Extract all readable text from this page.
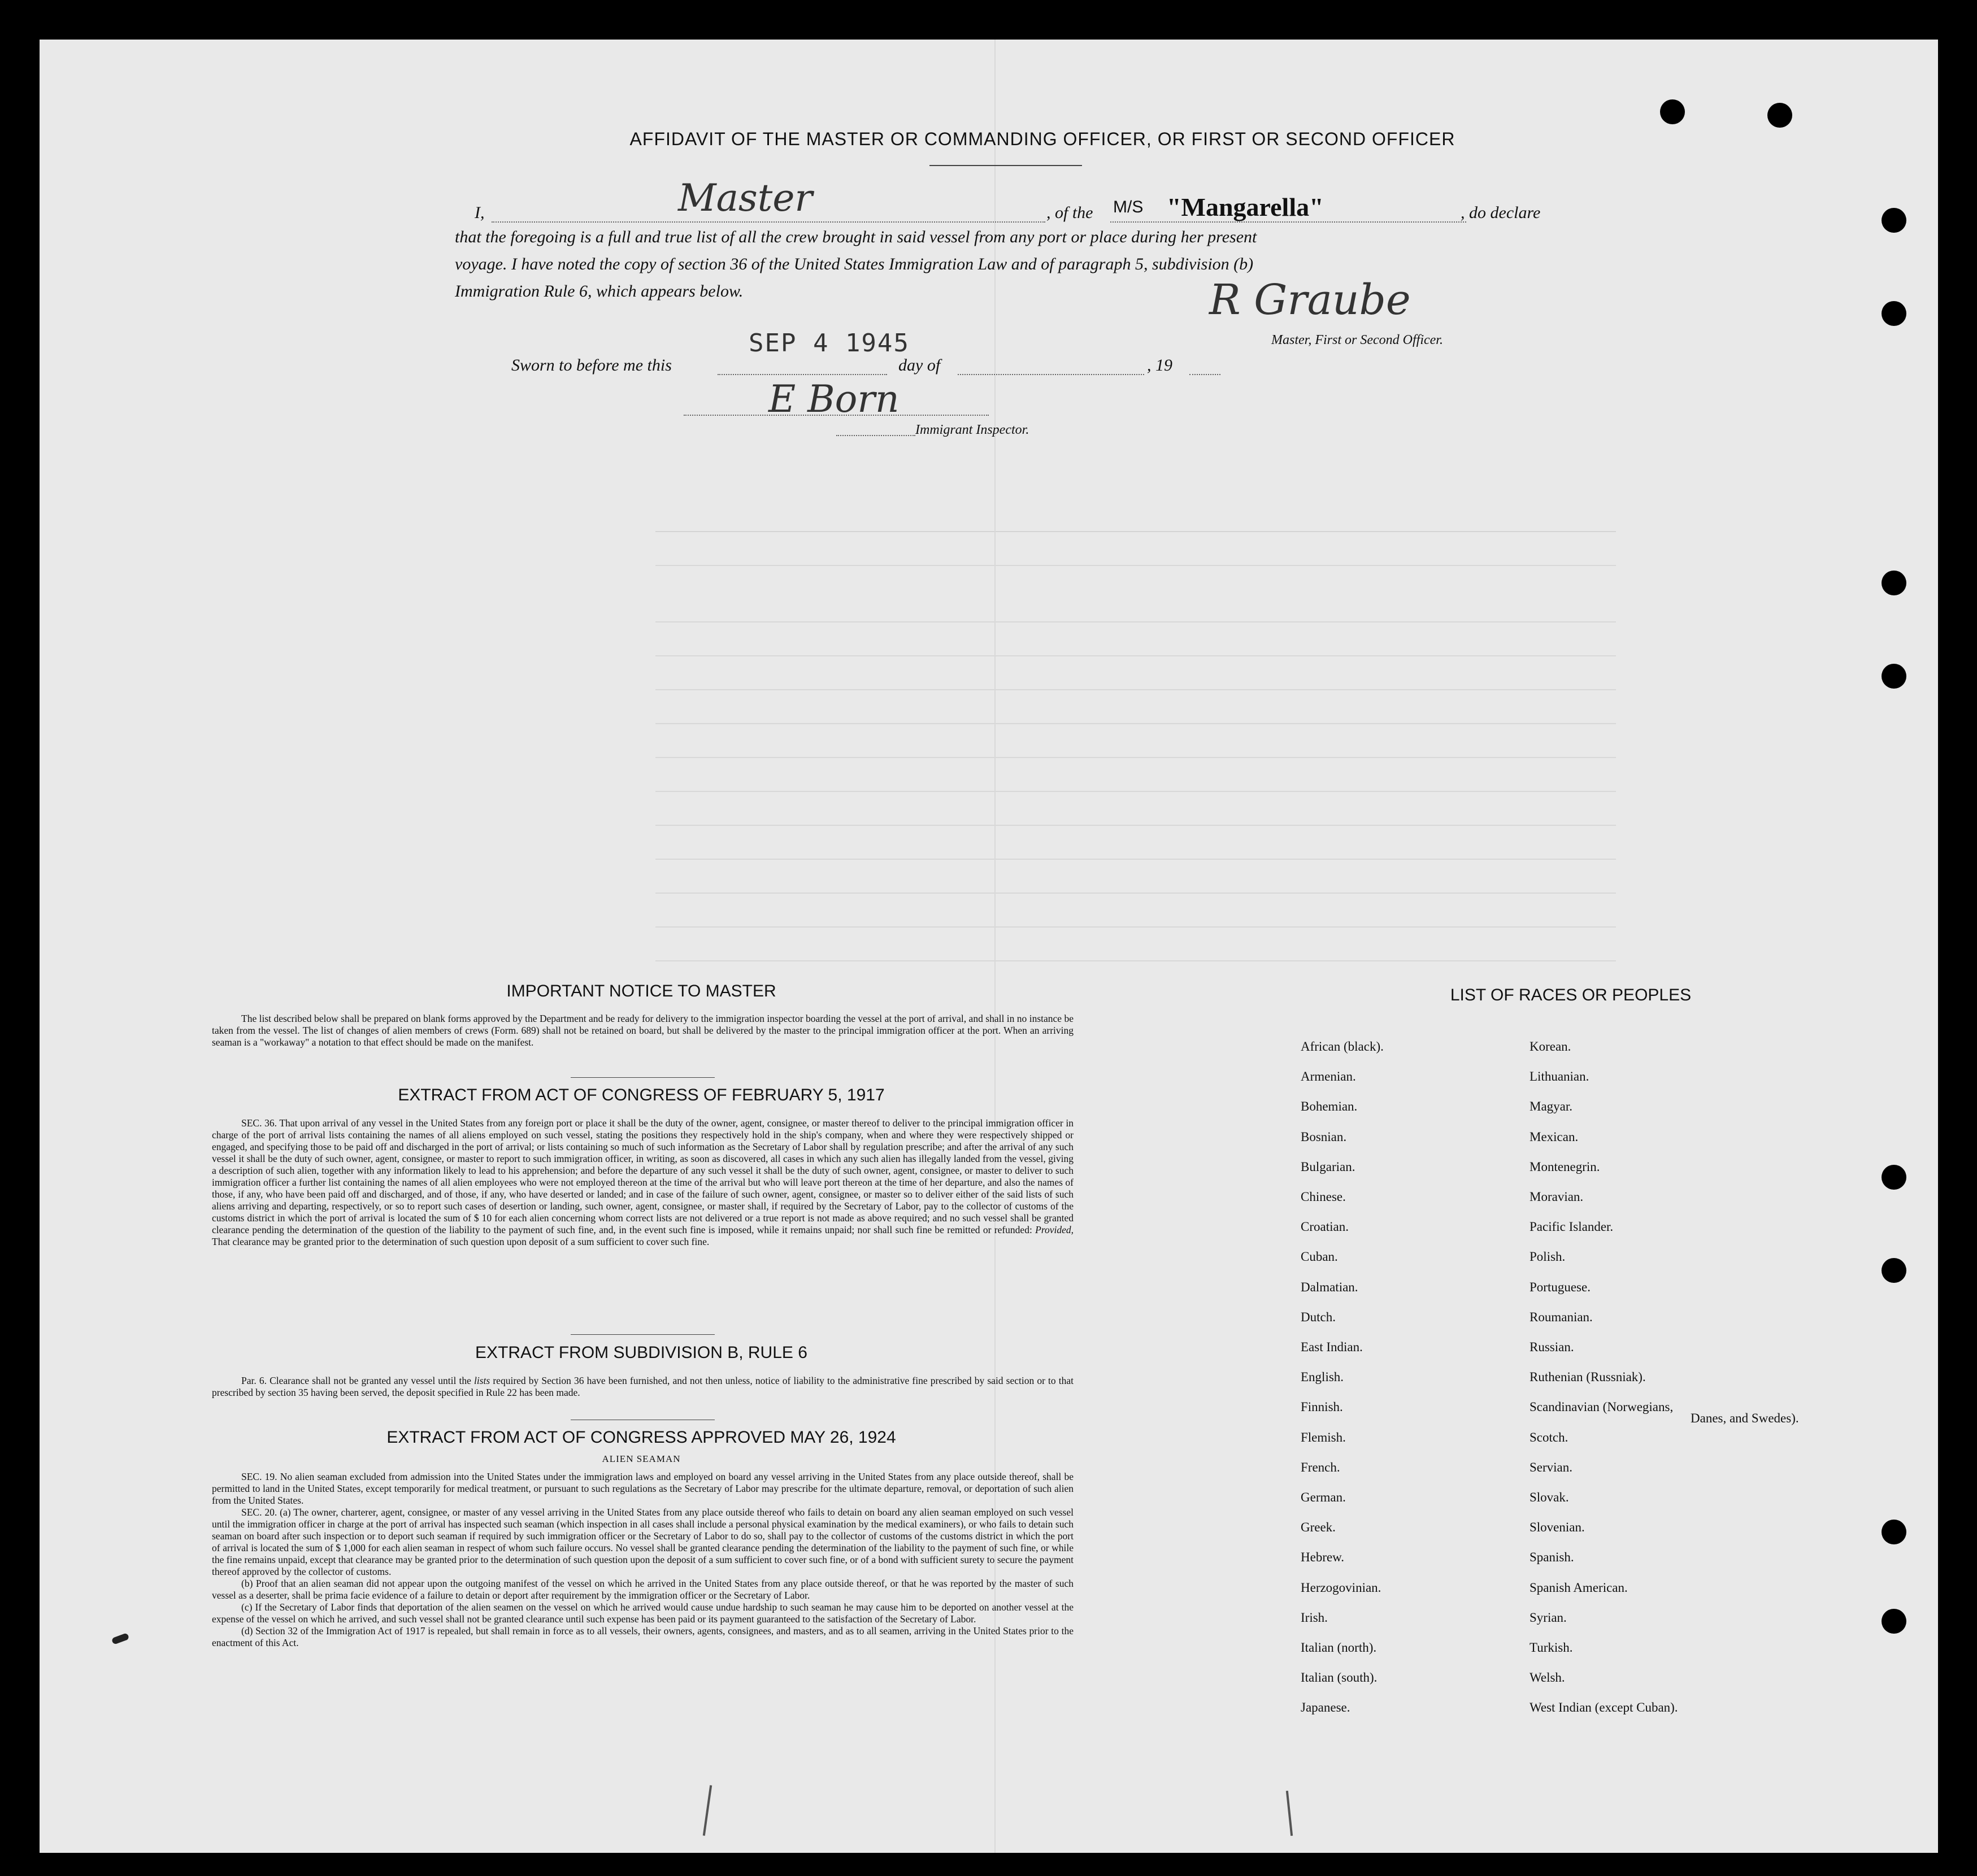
AFFIDAVIT OF THE MASTER OR COMMANDING OFFICER, OR FIRST OR SECOND OFFICER
I,	Master	, of the M/S "Mangarella"	, do declare
that the foregoing is a full and true list of all the crew brought in said vessel from any port or place during her present
voyage. I have noted the copy of section 36 of the United States Immigration Law and of paragraph 5, subdivision (b)
Immigration Rule 6, which appears below.	R Graube
Master, First or Second Officer.
Sworn to before me this
SEP 4 1945
day of	, 19
E Born
Immigrant Inspector.
IMPORTANT NOTICE TO MASTER
The list described below shall be prepared on blank forms approved by the Department and be ready for delivery to the immigration inspector boarding the vessel at the port of arrival, and shall in no instance be taken from the vessel. The list of changes of alien members of crews (Form. 689) shall not be retained on board, but shall be delivered by the master to the principal immigration officer at the port. When an arriving seaman is a "workaway" a notation to that effect should be made on the manifest.
EXTRACT FROM ACT OF CONGRESS OF FEBRUARY 5, 1917
SEC. 36. That upon arrival of any vessel in the United States from any foreign port or place it shall be the duty of the owner, agent, consignee, or master thereof to deliver to the principal immigration officer in charge of the port of arrival lists containing the names of all aliens employed on such vessel, stating the positions they respectively hold in the ship's company, when and where they were respectively shipped or engaged, and specifying those to be paid off and discharged in the port of arrival; or lists containing so much of such information as the Secretary of Labor shall by regulation prescribe; and after the arrival of any such vessel it shall be the duty of such owner, agent, consignee, or master to report to such immigration officer, in writing, as soon as discovered, all cases in which any such alien has illegally landed from the vessel, giving a description of such alien, together with any information likely to lead to his apprehension; and before the departure of any such vessel it shall be the duty of such owner, agent, consignee, or master to deliver to such immigration officer a further list containing the names of all alien employees who were not employed thereon at the time of the arrival but who will leave port thereon at the time of her departure, and also the names of those, if any, who have been paid off and discharged, and of those, if any, who have deserted or landed; and in case of the failure of such owner, agent, consignee, or master so to deliver either of the said lists of such aliens arriving and departing, respectively, or so to report such cases of desertion or landing, such owner, agent, consignee, or master shall, if required by the Secretary of Labor, pay to the collector of customs of the customs district in which the port of arrival is located the sum of $ 10 for each alien concerning whom correct lists are not delivered or a true report is not made as above required; and no such vessel shall be granted clearance pending the determination of the question of the liability to the payment of such fine, and, in the event such fine is imposed, while it remains unpaid; nor shall such fine be remitted or refunded: Provided, That clearance may be granted prior to the determination of such question upon deposit of a sum sufficient to cover such fine.
EXTRACT FROM SUBDIVISION B, RULE 6
Par. 6. Clearance shall not be granted any vessel until the lists required by Section 36 have been furnished, and not then unless, notice of liability to the administrative fine prescribed by said section or to that prescribed by section 35 having been served, the deposit specified in Rule 22 has been made.
EXTRACT FROM ACT OF CONGRESS APPROVED MAY 26, 1924
ALIEN SEAMAN
SEC. 19. No alien seaman excluded from admission into the United States under the immigration laws and employed on board any vessel arriving in the United States from any place outside thereof, shall be permitted to land in the United States, except temporarily for medical treatment, or pursuant to such regulations as the Secretary of Labor may prescribe for the ultimate departure, removal, or deportation of such alien from the United States.
SEC. 20. (a) The owner, charterer, agent, consignee, or master of any vessel arriving in the United States from any place outside thereof who fails to detain on board any alien seaman employed on such vessel until the immigration officer in charge at the port of arrival has inspected such seaman (which inspection in all cases shall include a personal physical examination by the medical examiners), or who fails to detain such seaman on board after such inspection or to deport such seaman if required by such immigration officer or the Secretary of Labor to do so, shall pay to the collector of customs of the customs district in which the port of arrival is located the sum of $ 1,000 for each alien seaman in respect of whom such failure occurs. No vessel shall be granted clearance pending the determination of the liability to the payment of such fine, or while the fine remains unpaid, except that clearance may be granted prior to the determination of such question upon the deposit of a sum sufficient to cover such fine, or of a bond with sufficient surety to secure the payment thereof approved by the collector of customs.
(b) Proof that an alien seaman did not appear upon the outgoing manifest of the vessel on which he arrived in the United States from any place outside thereof, or that he was reported by the master of such vessel as a deserter, shall be prima facie evidence of a failure to detain or deport after requirement by the immigration officer or the Secretary of Labor.
(c) If the Secretary of Labor finds that deportation of the alien seamen on the vessel on which he arrived would cause undue hardship to such seaman he may cause him to be deported on another vessel at the expense of the vessel on which he arrived, and such vessel shall not be granted clearance until such expense has been paid or its payment guaranteed to the satisfaction of the Secretary of Labor.
(d) Section 32 of the Immigration Act of 1917 is repealed, but shall remain in force as to all vessels, their owners, agents, consignees, and masters, and as to all seamen, arriving in the United States prior to the enactment of this Act.
LIST OF RACES OR PEOPLES
African (black).
Armenian.
Bohemian.
Bosnian.
Bulgarian.
Chinese.
Croatian.
Cuban.
Dalmatian.
Dutch.
East Indian.
English.
Finnish.
Flemish.
French.
German.
Greek.
Hebrew.
Herzogovinian.
Irish.
Italian (north).
Italian (south).
Japanese.
Korean.
Lithuanian.
Magyar.
Mexican.
Montenegrin.
Moravian.
Pacific Islander.
Polish.
Portuguese.
Roumanian.
Russian.
Ruthenian (Russniak).
Scandinavian (Norwegians,
Scotch.
Servian.
Slovak.
Slovenian.
Spanish.
Spanish American.
Syrian.
Turkish.
Welsh.
West Indian (except Cuban).
Danes, and Swedes).
